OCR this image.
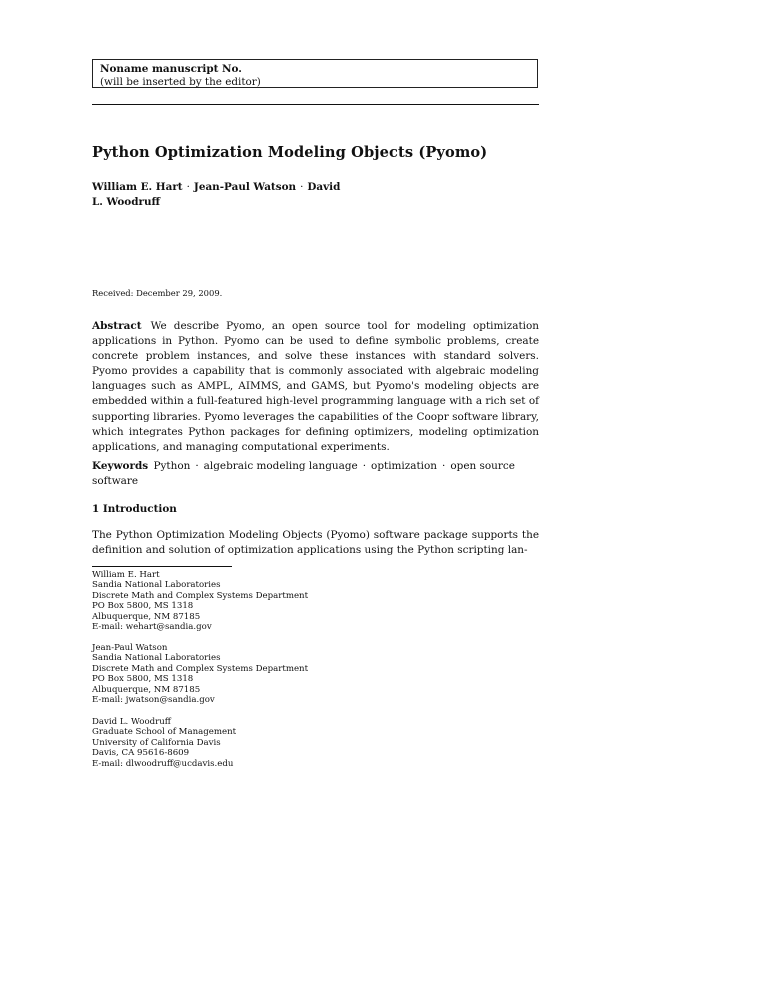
Noname manuscript No.
(will be inserted by the editor)
Python Optimization Modeling Objects (Pyomo)
William E. Hart · Jean-Paul Watson · David
L. Woodruff
Received: December 29, 2009.

Abstract We describe Pyomo, an open source tool for modeling optimization applications in Python. Pyomo can be used to define symbolic problems, create concrete problem instances, and solve these instances with standard solvers. Pyomo provides a capability that is commonly associated with algebraic modeling languages such as AMPL, AIMMS, and GAMS, but Pyomo's modeling objects are embedded within a full-featured high-level programming language with a rich set of supporting libraries. Pyomo leverages the capabilities of the Coopr software library, which integrates Python packages for defining optimizers, modeling optimization applications, and managing computational experiments.

Keywords Python · algebraic modeling language · optimization · open source software

1 Introduction

The Python Optimization Modeling Objects (Pyomo) software package supports the definition and solution of optimization applications using the Python scripting lan-

William E. Hart
Sandia National Laboratories
Discrete Math and Complex Systems Department
PO Box 5800, MS 1318
Albuquerque, NM 87185
E-mail: wehart@sandia.gov
Jean-Paul Watson
Sandia National Laboratories
Discrete Math and Complex Systems Department
PO Box 5800, MS 1318
Albuquerque, NM 87185
E-mail: jwatson@sandia.gov
David L. Woodruff
Graduate School of Management
University of California Davis
Davis, CA 95616-8609
E-mail: dlwoodruff@ucdavis.edu
